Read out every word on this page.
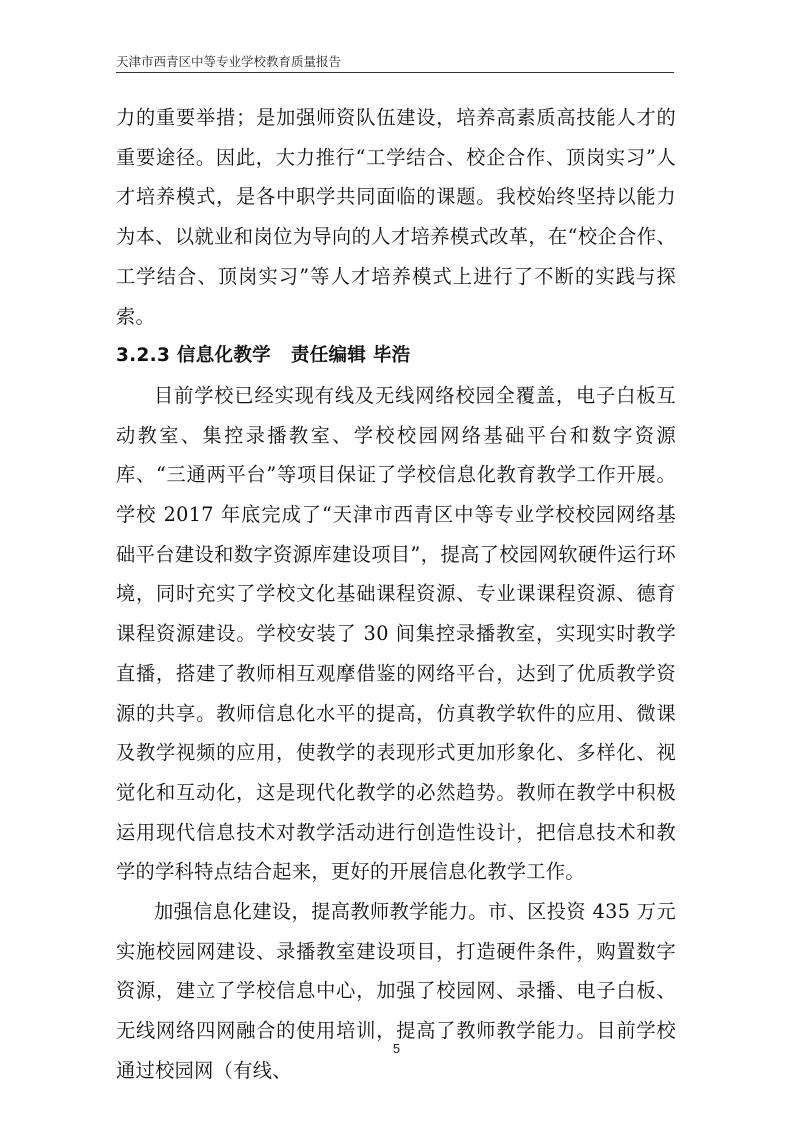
天津市西青区中等专业学校教育质量报告

力的重要举措；是加强师资队伍建设，培养高素质高技能人才的重要途径。因此，大力推行“工学结合、校企合作、顶岗实习”人才培养模式，是各中职学共同面临的课题。我校始终坚持以能力为本、以就业和岗位为导向的人才培养模式改革，在“校企合作、工学结合、顶岗实习”等人才培养模式上进行了不断的实践与探索。

3.2.3 信息化教学 责任编辑 毕浩

目前学校已经实现有线及无线网络校园全覆盖，电子白板互动教室、集控录播教室、学校校园网络基础平台和数字资源库、“三通两平台”等项目保证了学校信息化教育教学工作开展。学校 2017 年底完成了“天津市西青区中等专业学校校园网络基础平台建设和数字资源库建设项目”，提高了校园网软硬件运行环境，同时充实了学校文化基础课程资源、专业课课程资源、德育课程资源建设。学校安装了 30 间集控录播教室，实现实时教学直播，搭建了教师相互观摩借鉴的网络平台，达到了优质教学资源的共享。教师信息化水平的提高，仿真教学软件的应用、微课及教学视频的应用，使教学的表现形式更加形象化、多样化、视觉化和互动化，这是现代化教学的必然趋势。教师在教学中积极运用现代信息技术对教学活动进行创造性设计，把信息技术和教学的学科特点结合起来，更好的开展信息化教学工作。

加强信息化建设，提高教师教学能力。市、区投资 435 万元实施校园网建设、录播教室建设项目，打造硬件条件，购置数字资源，建立了学校信息中心，加强了校园网、录播、电子白板、无线网络四网融合的使用培训，提高了教师教学能力。目前学校通过校园网（有线、

5
